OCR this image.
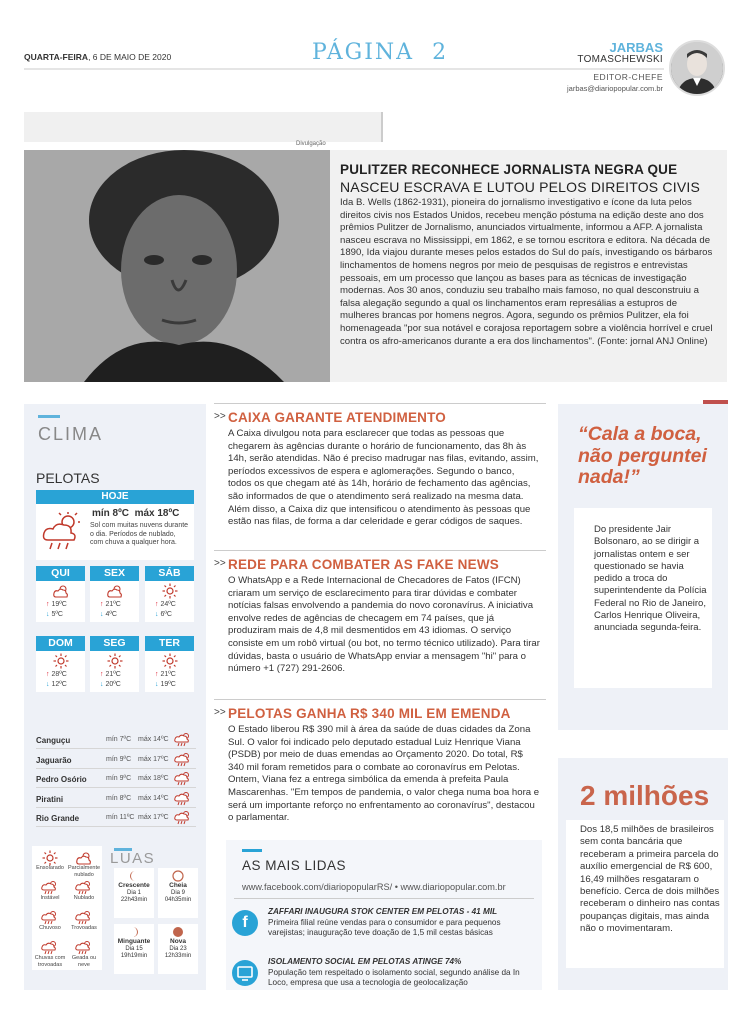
QUARTA-FEIRA, 6 DE MAIO DE 2020	PÁGINA 2	JARBAS
TOMASCHEWSKI
EDITOR-CHEFE
jarbas@diariopopular.com.br
Divulgação
PULITZER RECONHECE JORNALISTA NEGRA QUE
NASCEU ESCRAVA E LUTOU PELOS DIREITOS CIVIS
Ida B. Wells (1862-1931), pioneira do jornalismo investigativo e ícone da luta pelos direitos civis nos Estados Unidos, recebeu menção póstuma na edição deste ano dos prêmios Pulitzer de Jornalismo, anunciados virtualmente, informou a AFP. A jornalista nasceu escrava no Mississippi, em 1862, e se tornou escritora e editora. Na década de 1890, Ida viajou durante meses pelos estados do Sul do país, investigando os bárbaros linchamentos de homens negros por meio de pesquisas de registros e entrevistas pessoais, em um processo que lançou as bases para as técnicas de investigação modernas. Aos 30 anos, conduziu seu trabalho mais famoso, no qual desconstruiu a falsa alegação segundo a qual os linchamentos eram represálias a estupros de mulheres brancas por homens negros. Agora, segundo os prêmios Pulitzer, ela foi homenageada "por sua notável e corajosa reportagem sobre a violência horrível e cruel contra os afro-americanos durante a era dos linchamentos". (Fonte: jornal ANJ Online)
CLIMA
PELOTAS
HOJE
mín 8ºC máx 18ºC
Sol com muitas nuvens durante o dia. Períodos de nublado, com chuva a qualquer hora.
QUI
↑ 19ºC
↓ 5ºC
SEX
↑ 21ºC
↓ 4ºC
SÁB
↑ 24ºC
↓ 6ºC
DOM
↑ 28ºC
↓ 12ºC
SEG
↑ 21ºC
↓ 20ºC
TER
↑ 21ºC
↓ 19ºC
Canguçu	mín 7ºC máx 14ºC
Jaguarão	mín 9ºC máx 17ºC
Pedro Osório	mín 9ºC máx 18ºC
Piratini	mín 8ºC máx 14ºC
Rio Grande	mín 11ºC máx 17ºC
Ensolarado Parcialmente nublado
Instável	Nublado
Chuvoso	Trovoadas
Chuvas com trovoadas
Geada ou neve
LUAS
Crescente
Dia 1
22h43min
Cheia
Dia 9
04h35min
Minguante
Dia 15
19h19min
Nova
Dia 23
12h33min
>> CAIXA GARANTE ATENDIMENTO
A Caixa divulgou nota para esclarecer que todas as pessoas que chegarem às agências durante o horário de funcionamento, das 8h às 14h, serão atendidas. Não é preciso madrugar nas filas, evitando, assim, períodos excessivos de espera e aglomerações. Segundo o banco, todos os que chegam até às 14h, horário de fechamento das agências, são informados de que o atendimento será realizado na mesma data. Além disso, a Caixa diz que intensificou o atendimento às pessoas que estão nas filas, de forma a dar celeridade e gerar códigos de saques.
>> REDE PARA COMBATER AS FAKE NEWS
O WhatsApp e a Rede Internacional de Checadores de Fatos (IFCN) criaram um serviço de esclarecimento para tirar dúvidas e combater notícias falsas envolvendo a pandemia do novo coronavírus. A iniciativa envolve redes de agências de checagem em 74 países, que já produziram mais de 4,8 mil desmentidos em 43 idiomas. O serviço consiste em um robô virtual (ou bot, no termo técnico utilizado). Para tirar dúvidas, basta o usuário de WhatsApp enviar a mensagem "hi" para o número +1 (727) 291-2606.
>> PELOTAS GANHA R$ 340 MIL EM EMENDA
O Estado liberou R$ 390 mil à área da saúde de duas cidades da Zona Sul. O valor foi indicado pelo deputado estadual Luiz Henrique Viana (PSDB) por meio de duas emendas ao Orçamento 2020. Do total, R$ 340 mil foram remetidos para o combate ao coronavírus em Pelotas. Ontem, Viana fez a entrega simbólica da emenda à prefeita Paula Mascarenhas. "Em tempos de pandemia, o valor chega numa boa hora e será um importante reforço no enfrentamento ao coronavírus", destacou o parlamentar.
AS MAIS LIDAS
www.facebook.com/diariopopularRS/ • www.diariopopular.com.br
f
ZAFFARI INAUGURA STOK CENTER EM PELOTAS - 41 MIL
Primeira filial reúne vendas para o consumidor e para pequenos varejistas; inauguração teve doação de 1,5 mil cestas básicas
ISOLAMENTO SOCIAL EM PELOTAS ATINGE 74%
População tem respeitado o isolamento social, segundo análise da In Loco, empresa que usa a tecnologia de geolocalização
“Cala a boca, não perguntei nada!”
Do presidente Jair Bolsonaro, ao se dirigir a jornalistas ontem e ser questionado se havia pedido a troca do superintendente da Polícia Federal no Rio de Janeiro, Carlos Henrique Oliveira, anunciada segunda-feira.
2 milhões
Dos 18,5 milhões de brasileiros sem conta bancária que receberam a primeira parcela do auxílio emergencial de R$ 600, 16,49 milhões resgataram o benefício. Cerca de dois milhões receberam o dinheiro nas contas poupanças digitais, mas ainda não o movimentaram.
